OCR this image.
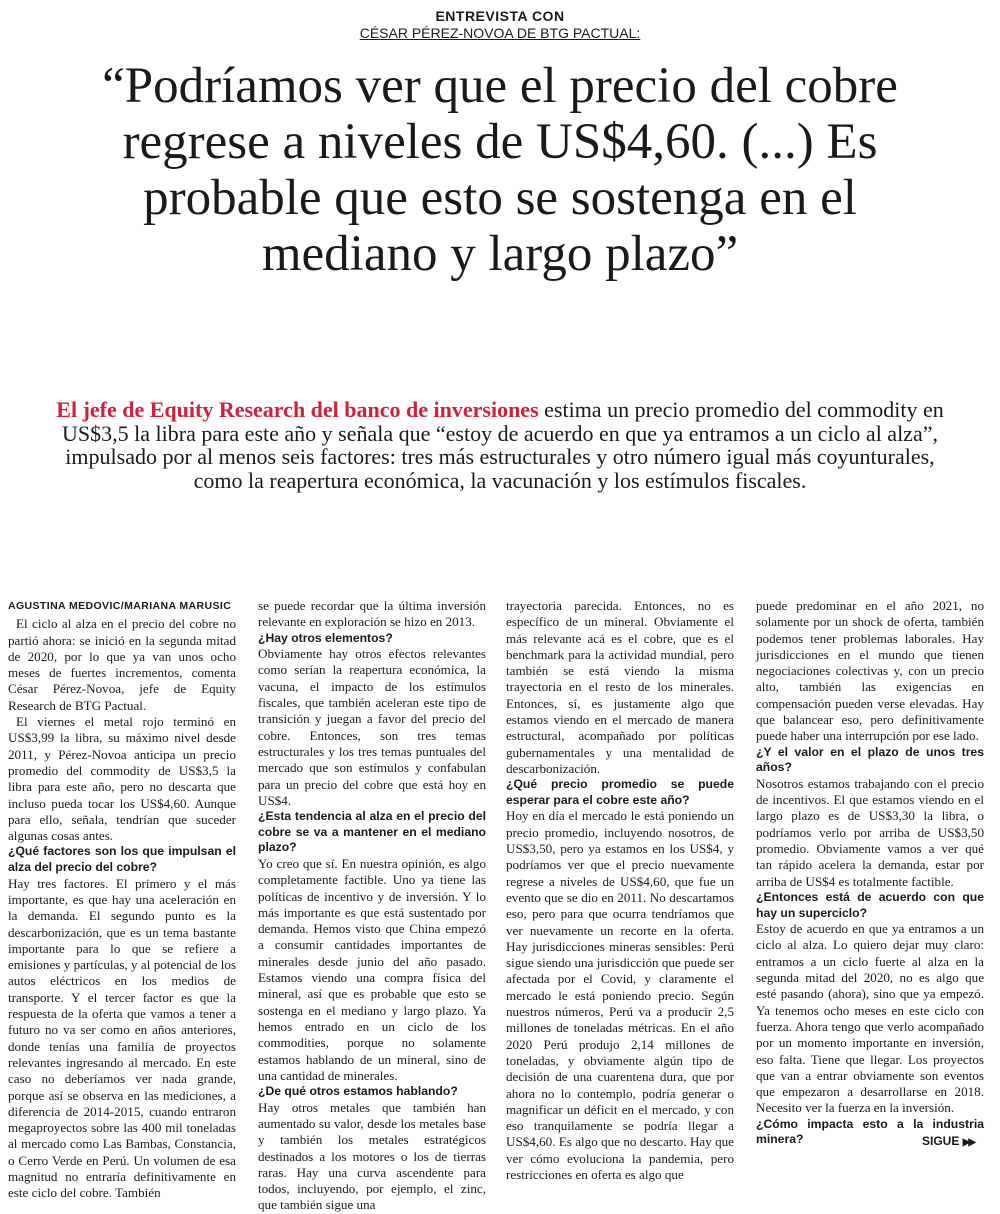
ENTREVISTA CON
CÉSAR PÉREZ-NOVOA DE BTG PACTUAL:
“Podríamos ver que el precio del cobre regrese a niveles de US$4,60. (...) Es probable que esto se sostenga en el mediano y largo plazo”

El jefe de Equity Research del banco de inversiones estima un precio promedio del commodity en US$3,5 la libra para este año y señala que “estoy de acuerdo en que ya entramos a un ciclo al alza”, impulsado por al menos seis factores: tres más estructurales y otro número igual más coyunturales, como la reapertura económica, la vacunación y los estímulos fiscales.

AGUSTINA MEDOVIC/MARIANA MARUSIC

El ciclo al alza en el precio del cobre no partió ahora: se inició en la segunda mitad de 2020, por lo que ya van unos ocho meses de fuertes incrementos, comenta César Pérez-Novoa, jefe de Equity Research de BTG Pactual.

El viernes el metal rojo terminó en US$3,99 la libra, su máximo nivel desde 2011, y Pérez-Novoa anticipa un precio promedio del commodity de US$3,5 la libra para este año, pero no descarta que incluso pueda tocar los US$4,60. Aunque para ello, señala, tendrían que suceder algunas cosas antes.

¿Qué factores son los que impulsan el alza del precio del cobre?

Hay tres factores. El primero y el más importante, es que hay una aceleración en la demanda. El segundo punto es la descarbonización, que es un tema bastante importante para lo que se refiere a emisiones y partículas, y al potencial de los autos eléctricos en los medios de transporte. Y el tercer factor es que la respuesta de la oferta que vamos a tener a futuro no va ser como en años anteriores, donde tenías una familia de proyectos relevantes ingresando al mercado. En este caso no deberíamos ver nada grande, porque así se observa en las mediciones, a diferencia de 2014-2015, cuando entraron megaproyectos sobre las 400 mil toneladas al mercado como Las Bambas, Constancia, o Cerro Verde en Perú. Un volumen de esa magnitud no entraría definitivamente en este ciclo del cobre. También

se puede recordar que la última inversión relevante en exploración se hizo en 2013.

¿Hay otros elementos?

Obviamente hay otros efectos relevantes como serían la reapertura económica, la vacuna, el impacto de los estímulos fiscales, que también aceleran este tipo de transición y juegan a favor del precio del cobre. Entonces, son tres temas estructurales y los tres temas puntuales del mercado que son estímulos y confabulan para un precio del cobre que está hoy en US$4.

¿Esta tendencia al alza en el precio del cobre se va a mantener en el mediano plazo?

Yo creo que sí. En nuestra opinión, es algo completamente factible. Uno ya tiene las políticas de incentivo y de inversión. Y lo más importante es que está sustentado por demanda. Hemos visto que China empezó a consumir cantidades importantes de minerales desde junio del año pasado. Estamos viendo una compra física del mineral, así que es probable que esto se sostenga en el mediano y largo plazo. Ya hemos entrado en un ciclo de los commodities, porque no solamente estamos hablando de un mineral, sino de una cantidad de minerales.

¿De qué otros estamos hablando?

Hay otros metales que también han aumentado su valor, desde los metales base y también los metales estratégicos destinados a los motores o los de tierras raras. Hay una curva ascendente para todos, incluyendo, por ejemplo, el zinc, que también sigue una

trayectoria parecida. Entonces, no es específico de un mineral. Obviamente el más relevante acá es el cobre, que es el benchmark para la actividad mundial, pero también se está viendo la misma trayectoria en el resto de los minerales. Entonces, sí, es justamente algo que estamos viendo en el mercado de manera estructural, acompañado por políticas gubernamentales y una mentalidad de descarbonización.

¿Qué precio promedio se puede esperar para el cobre este año?

Hoy en día el mercado le está poniendo un precio promedio, incluyendo nosotros, de US$3,50, pero ya estamos en los US$4, y podríamos ver que el precio nuevamente regrese a niveles de US$4,60, que fue un evento que se dio en 2011. No descartamos eso, pero para que ocurra tendríamos que ver nuevamente un recorte en la oferta. Hay jurisdicciones mineras sensibles: Perú sigue siendo una jurisdicción que puede ser afectada por el Covid, y claramente el mercado le está poniendo precio. Según nuestros números, Perú va a producir 2,5 millones de toneladas métricas. En el año 2020 Perú produjo 2,14 millones de toneladas, y obviamente algún tipo de decisión de una cuarentena dura, que por ahora no lo contemplo, podría generar o magnificar un déficit en el mercado, y con eso tranquilamente se podría llegar a US$4,60. Es algo que no descarto. Hay que ver cómo evoluciona la pandemia, pero restricciones en oferta es algo que

puede predominar en el año 2021, no solamente por un shock de oferta, también podemos tener problemas laborales. Hay jurisdicciones en el mundo que tienen negociaciones colectivas y, con un precio alto, también las exigencias en compensación pueden verse elevadas. Hay que balancear eso, pero definitivamente puede haber una interrupción por ese lado.

¿Y el valor en el plazo de unos tres años?

Nosotros estamos trabajando con el precio de incentivos. El que estamos viendo en el largo plazo es de US$3,30 la libra, o podríamos verlo por arriba de US$3,50 promedio. Obviamente vamos a ver qué tan rápido acelera la demanda, estar por arriba de US$4 es totalmente factible.

¿Entonces está de acuerdo con que hay un superciclo?

Estoy de acuerdo en que ya entramos a un ciclo al alza. Lo quiero dejar muy claro: entramos a un ciclo fuerte al alza en la segunda mitad del 2020, no es algo que esté pasando (ahora), sino que ya empezó. Ya tenemos ocho meses en este ciclo con fuerza. Ahora tengo que verlo acompañado por un momento importante en inversión, eso falta. Tiene que llegar. Los proyectos que van a entrar obviamente son eventos que empezaron a desarrollarse en 2018. Necesito ver la fuerza en la inversión.

¿Cómo impacta esto a la industria minera?	SIGUE ▶▶
